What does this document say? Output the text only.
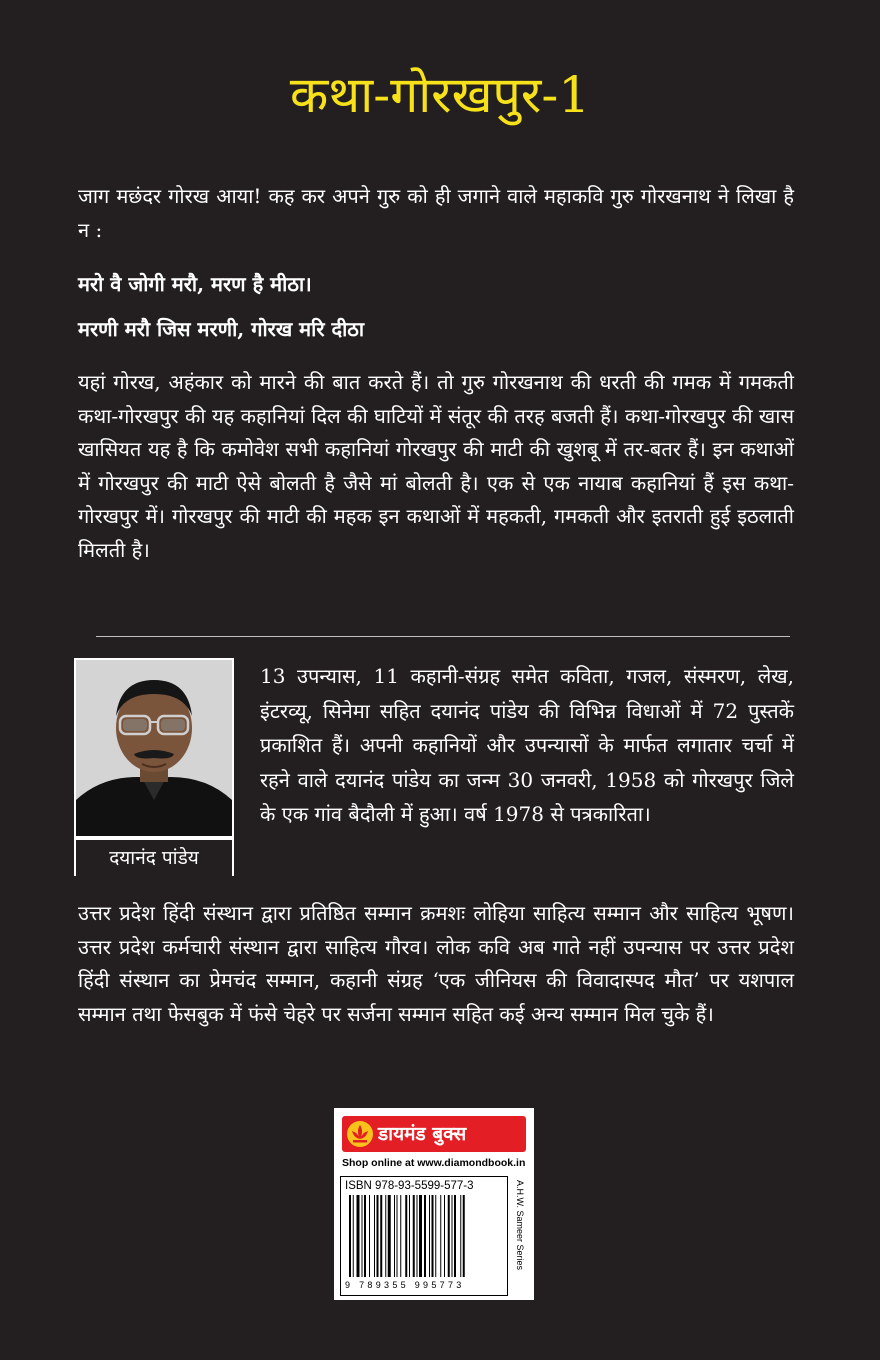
कथा-गोरखपुर-1

जाग मछंदर गोरख आया! कह कर अपने गुरु को ही जगाने वाले महाकवि गुरु गोरखनाथ ने लिखा है न :

मरो वै जोगी मरौ, मरण है मीठा।

मरणी मरौ जिस मरणी, गोरख मरि दीठा

यहां गोरख, अहंकार को मारने की बात करते हैं। तो गुरु गोरखनाथ की धरती की गमक में गमकती कथा-गोरखपुर की यह कहानियां दिल की घाटियों में संतूर की तरह बजती हैं। कथा-गोरखपुर की खास खासियत यह है कि कमोवेश सभी कहानियां गोरखपुर की माटी की खुशबू में तर-बतर हैं। इन कथाओं में गोरखपुर की माटी ऐसे बोलती है जैसे मां बोलती है। एक से एक नायाब कहानियां हैं इस कथा-गोरखपुर में। गोरखपुर की माटी की महक इन कथाओं में महकती, गमकती और इतराती हुई इठलाती मिलती है।

दयानंद पांडेय

13 उपन्यास, 11 कहानी-संग्रह समेत कविता, गजल, संस्मरण, लेख, इंटरव्यू, सिनेमा सहित दयानंद पांडेय की विभिन्न विधाओं में 72 पुस्तकें प्रकाशित हैं। अपनी कहानियों और उपन्यासों के मार्फत लगातार चर्चा में रहने वाले दयानंद पांडेय का जन्म 30 जनवरी, 1958 को गोरखपुर जिले के एक गांव बैदौली में हुआ। वर्ष 1978 से पत्रकारिता।

उत्तर प्रदेश हिंदी संस्थान द्वारा प्रतिष्ठित सम्मान क्रमशः लोहिया साहित्य सम्मान और साहित्य भूषण। उत्तर प्रदेश कर्मचारी संस्थान द्वारा साहित्य गौरव। लोक कवि अब गाते नहीं उपन्यास पर उत्तर प्रदेश हिंदी संस्थान का प्रेमचंद सम्मान, कहानी संग्रह ‘एक जीनियस की विवादास्पद मौत’ पर यशपाल सम्मान तथा फेसबुक में फंसे चेहरे पर सर्जना सम्मान सहित कई अन्य सम्मान मिल चुके हैं।

डायमंड बुक्स
Shop online at www.diamondbook.in
ISBN 978-93-5599-577-3
9 789355 995773
A.H.W. Sameer Series
